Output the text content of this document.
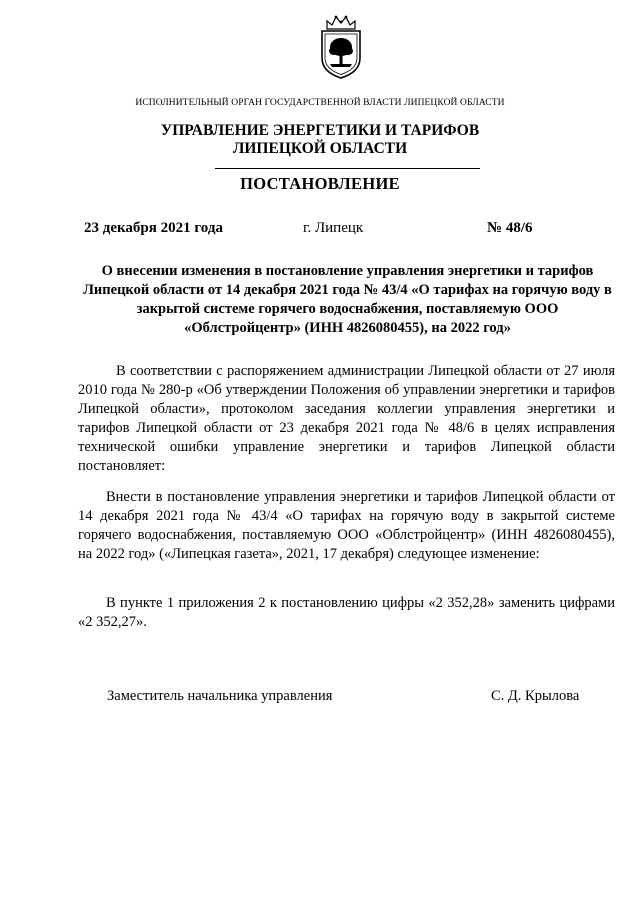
ИСПОЛНИТЕЛЬНЫЙ ОРГАН ГОСУДАРСТВЕННОЙ ВЛАСТИ ЛИПЕЦКОЙ ОБЛАСТИ
УПРАВЛЕНИЕ ЭНЕРГЕТИКИ И ТАРИФОВ
ЛИПЕЦКОЙ ОБЛАСТИ
ПОСТАНОВЛЕНИЕ
23 декабря 2021 года	г. Липецк	№ 48/6
О внесении изменения в постановление управления энергетики и тарифов Липецкой области от 14 декабря 2021 года № 43/4 «О тарифах на горячую воду в закрытой системе горячего водоснабжения, поставляемую ООО «Облстройцентр» (ИНН 4826080455), на 2022 год»
В соответствии с распоряжением администрации Липецкой области от 27 июля 2010 года № 280-р «Об утверждении Положения об управлении энергетики и тарифов Липецкой области», протоколом заседания коллегии управления энергетики и тарифов Липецкой области от 23 декабря 2021 года № 48/6 в целях исправления технической ошибки управление энергетики и тарифов Липецкой области постановляет:
Внести в постановление управления энергетики и тарифов Липецкой области от 14 декабря 2021 года № 43/4 «О тарифах на горячую воду в закрытой системе горячего водоснабжения, поставляемую ООО «Облстройцентр» (ИНН 4826080455), на 2022 год» («Липецкая газета», 2021, 17 декабря) следующее изменение:
В пункте 1 приложения 2 к постановлению цифры «2 352,28» заменить цифрами «2 352,27».
Заместитель начальника управления	С. Д. Крылова
